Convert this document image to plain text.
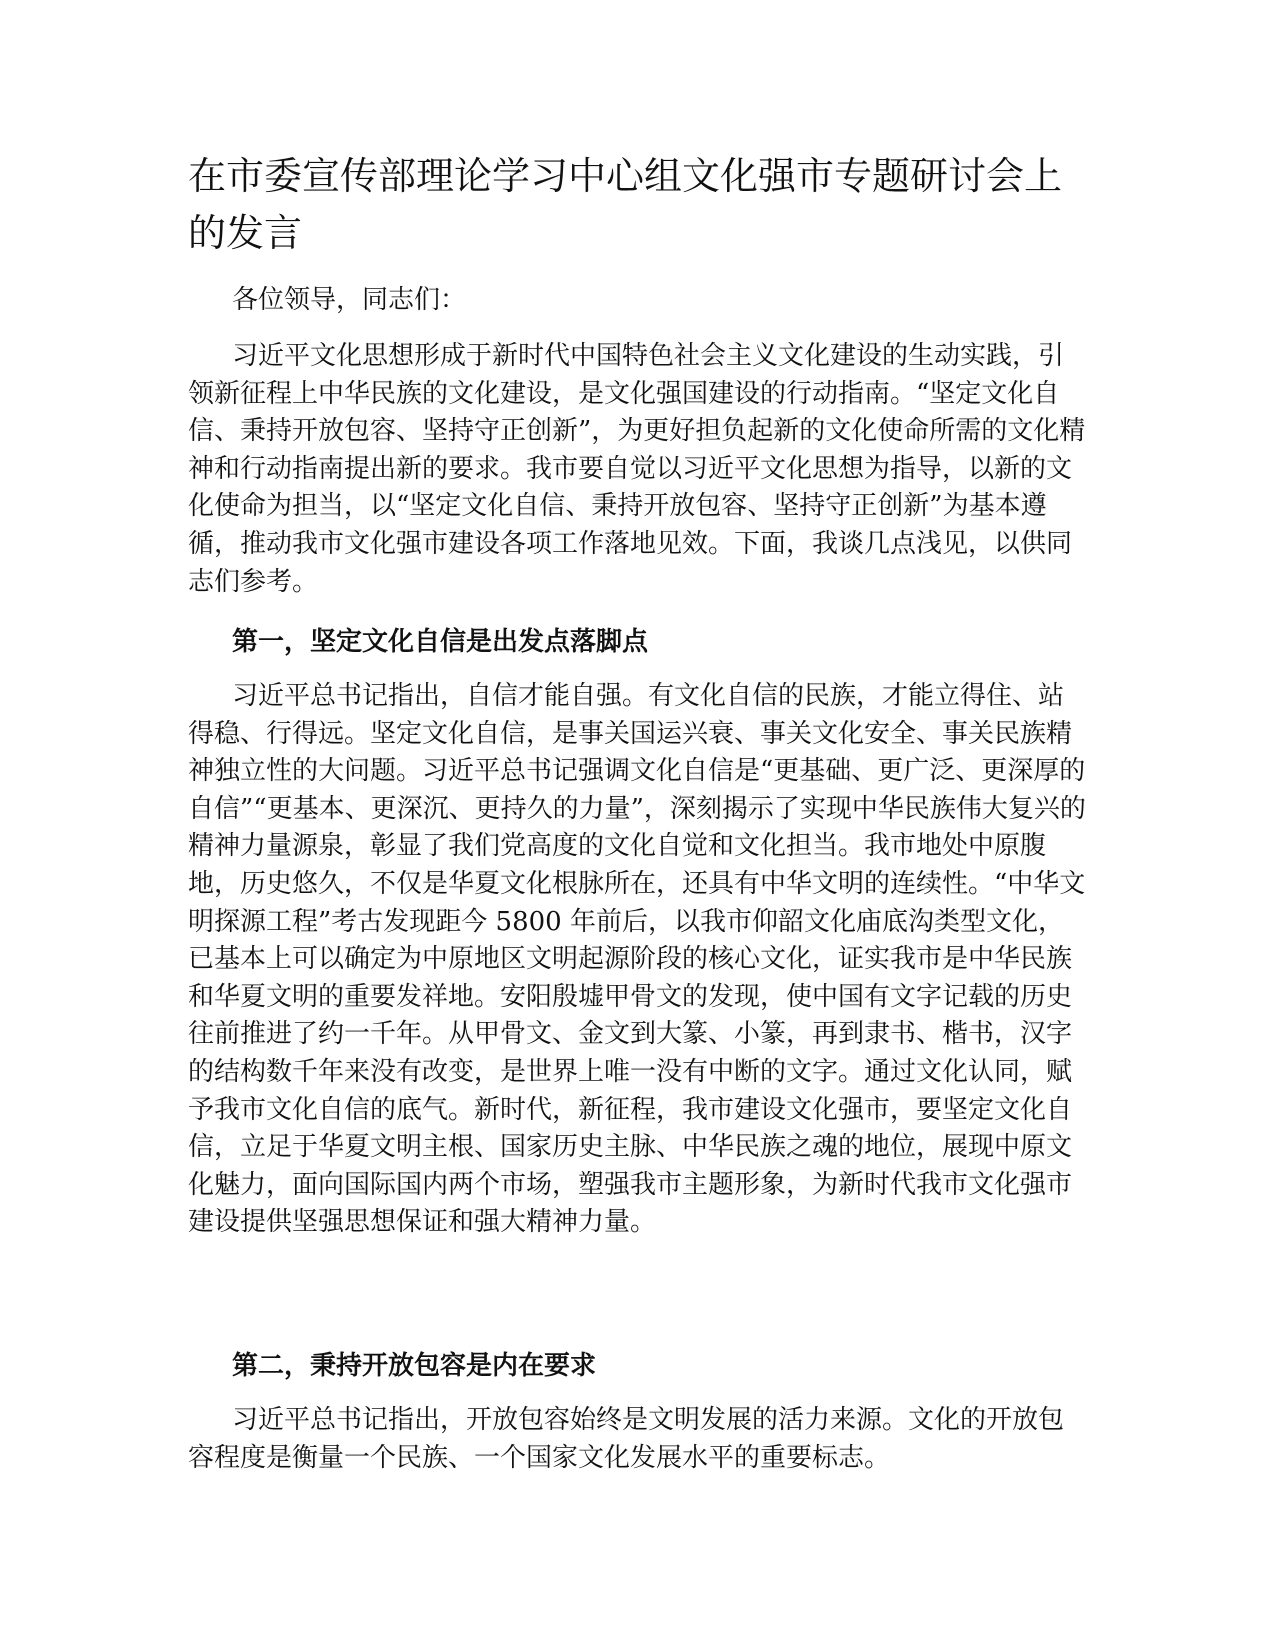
在市委宣传部理论学习中心组文化强市专题研讨会上的发言
各位领导，同志们：

习近平文化思想形成于新时代中国特色社会主义文化建设的生动实践，引领新征程上中华民族的文化建设，是文化强国建设的行动指南。“坚定文化自信、秉持开放包容、坚持守正创新”，为更好担负起新的文化使命所需的文化精神和行动指南提出新的要求。我市要自觉以习近平文化思想为指导，以新的文化使命为担当，以“坚定文化自信、秉持开放包容、坚持守正创新”为基本遵循，推动我市文化强市建设各项工作落地见效。下面，我谈几点浅见，以供同志们参考。

第一，坚定文化自信是出发点落脚点

习近平总书记指出，自信才能自强。有文化自信的民族，才能立得住、站得稳、行得远。坚定文化自信，是事关国运兴衰、事关文化安全、事关民族精神独立性的大问题。习近平总书记强调文化自信是“更基础、更广泛、更深厚的自信”“更基本、更深沉、更持久的力量”，深刻揭示了实现中华民族伟大复兴的精神力量源泉，彰显了我们党高度的文化自觉和文化担当。我市地处中原腹地，历史悠久，不仅是华夏文化根脉所在，还具有中华文明的连续性。“中华文明探源工程”考古发现距今 5800 年前后，以我市仰韶文化庙底沟类型文化，已基本上可以确定为中原地区文明起源阶段的核心文化，证实我市是中华民族和华夏文明的重要发祥地。安阳殷墟甲骨文的发现，使中国有文字记载的历史往前推进了约一千年。从甲骨文、金文到大篆、小篆，再到隶书、楷书，汉字的结构数千年来没有改变，是世界上唯一没有中断的文字。通过文化认同，赋予我市文化自信的底气。新时代，新征程，我市建设文化强市，要坚定文化自信，立足于华夏文明主根、国家历史主脉、中华民族之魂的地位，展现中原文化魅力，面向国际国内两个市场，塑强我市主题形象，为新时代我市文化强市建设提供坚强思想保证和强大精神力量。

第二，秉持开放包容是内在要求

习近平总书记指出，开放包容始终是文明发展的活力来源。文化的开放包容程度是衡量一个民族、一个国家文化发展水平的重要标志。
